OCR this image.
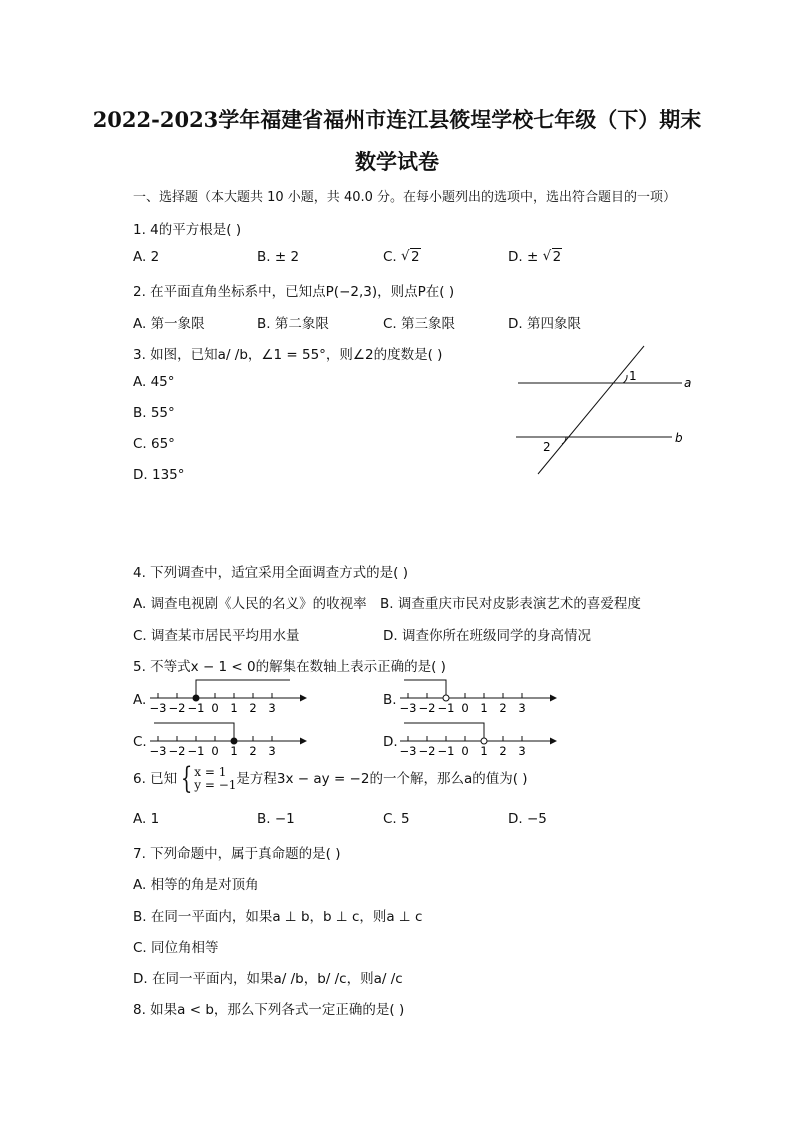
2022-2023学年福建省福州市连江县筱埕学校七年级（下）期末
数学试卷
一、选择题（本大题共 10 小题，共 40.0 分。在每小题列出的选项中，选出符合题目的一项）
1. 4的平方根是( )
A. 2	B. ± 2	C. √ 2	D. ± √ 2
2. 在平面直角坐标系中，已知点P(−2,3)，则点P在( )
A. 第一象限	B. 第二象限	C. 第三象限	D. 第四象限
3. 如图，已知a/ /b，∠1 = 55°，则∠2的度数是( )
A. 45°
B. 55°
C. 65°
D. 135°
1
2
a
b
4. 下列调查中，适宜采用全面调查方式的是( )
A. 调查电视剧《人民的名义》的收视率 B. 调查重庆市民对皮影表演艺术的喜爱程度
C. 调查某市居民平均用水量	D. 调查你所在班级同学的身高情况
5. 不等式x − 1 < 0的解集在数轴上表示正确的是( )
A.	B.
C.	D.
−3 −2 −1 0 1 2 3	−3 −2 −1 0 1 2 3
−3 −2 −1 0 1 2 3	−3 −2 −1 0 1 2 3
6. 已知 { x = 1
y = −1 是方程3x − ay = −2的一个解，那么a的值为( )
A. 1	B. −1	C. 5	D. −5
7. 下列命题中，属于真命题的是( )
A. 相等的角是对顶角
B. 在同一平面内，如果a ⊥ b，b ⊥ c，则a ⊥ c
C. 同位角相等
D. 在同一平面内，如果a/ /b，b/ /c，则a/ /c
8. 如果a < b，那么下列各式一定正确的是( )
